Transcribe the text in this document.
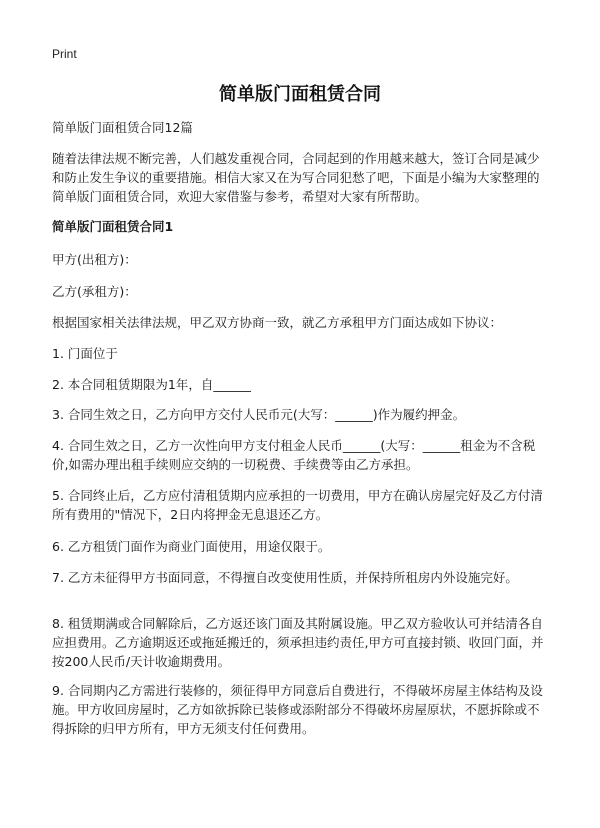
Print
简单版门面租赁合同
简单版门面租赁合同12篇

随着法律法规不断完善，人们越发重视合同，合同起到的作用越来越大，签订合同是减少和防止发生争议的重要措施。相信大家又在为写合同犯愁了吧，下面是小编为大家整理的简单版门面租赁合同，欢迎大家借鉴与参考，希望对大家有所帮助。

简单版门面租赁合同1
甲方(出租方)：
乙方(承租方)：
根据国家相关法律法规，甲乙双方协商一致，就乙方承租甲方门面达成如下协议：
1. 门面位于
2. 本合同租赁期限为1年，自______
3. 合同生效之日，乙方向甲方交付人民币元(大写：______)作为履约押金。
4. 合同生效之日，乙方一次性向甲方支付租金人民币______(大写：______租金为不含税价,如需办理出租手续则应交纳的一切税费、手续费等由乙方承担。
5. 合同终止后，乙方应付清租赁期内应承担的一切费用，甲方在确认房屋完好及乙方付清所有费用的"情况下，2日内将押金无息退还乙方。
6. 乙方租赁门面作为商业门面使用，用途仅限于。
7. 乙方未征得甲方书面同意，不得擅自改变使用性质，并保持所租房内外设施完好。
8. 租赁期满或合同解除后，乙方返还该门面及其附属设施。甲乙双方验收认可并结清各自应担费用。乙方逾期返还或拖延搬迁的，须承担违约责任,甲方可直接封锁、收回门面，并按200人民币/天计收逾期费用。
9. 合同期内乙方需进行装修的，须征得甲方同意后自费进行，不得破坏房屋主体结构及设施。甲方收回房屋时，乙方如欲拆除已装修或添附部分不得破坏房屋原状，不愿拆除或不得拆除的归甲方所有，甲方无须支付任何费用。
